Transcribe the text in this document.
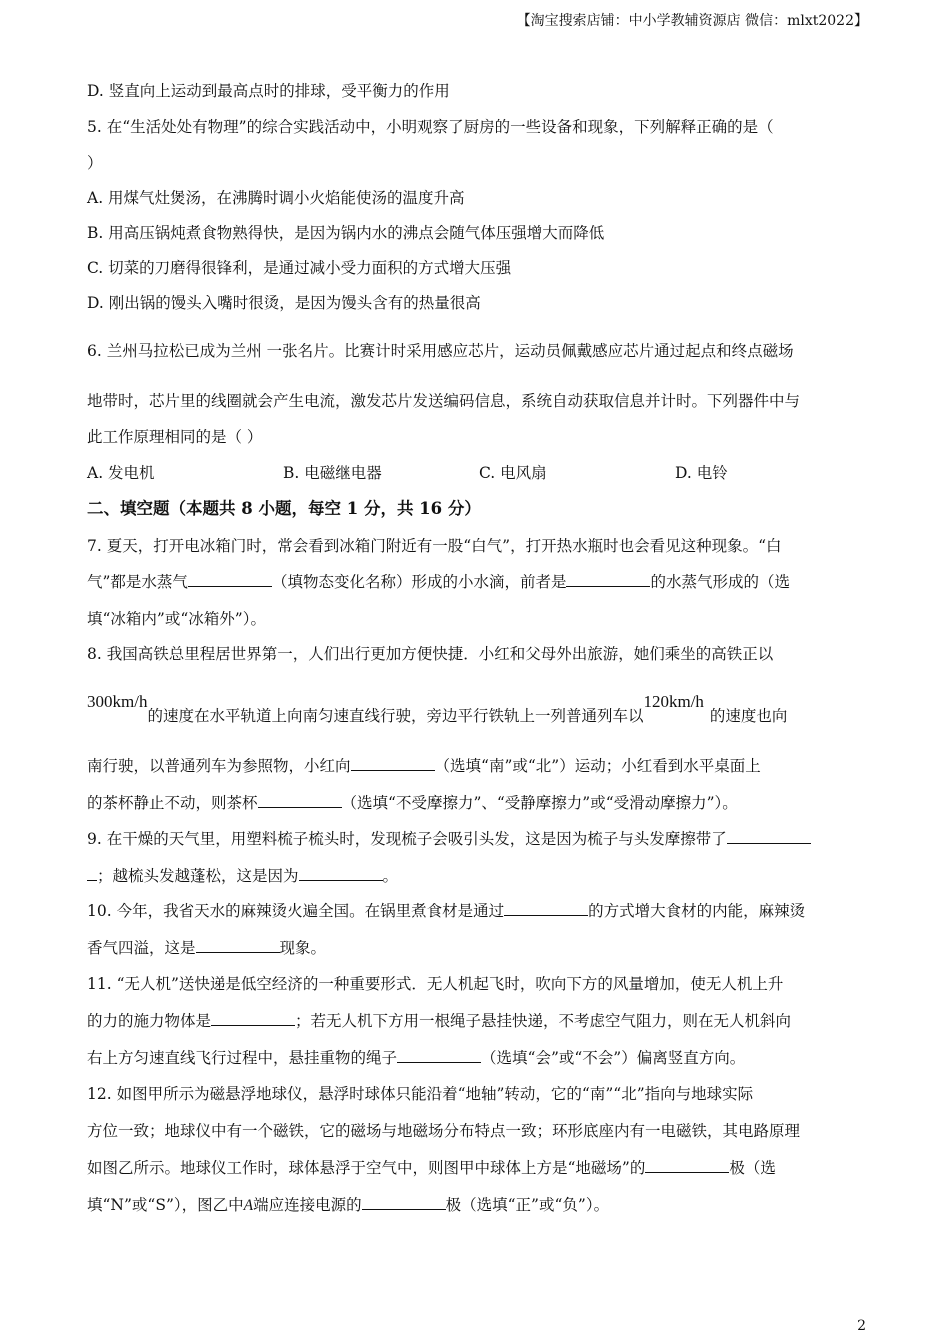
【淘宝搜索店铺：中小学教辅资源店 微信：mlxt2022】
D. 竖直向上运动到最高点时的排球，受平衡力的作用
5. 在“生活处处有物理”的综合实践活动中，小明观察了厨房的一些设备和现象，下列解释正确的是（
）
A. 用煤气灶煲汤，在沸腾时调小火焰能使汤的温度升高
B. 用高压锅炖煮食物熟得快，是因为锅内水的沸点会随气体压强增大而降低
C. 切菜的刀磨得很锋利，是通过减小受力面积的方式增大压强
D. 刚出锅的馒头入嘴时很烫，是因为馒头含有的热量很高
6. 兰州马拉松已成为兰州 一张名片。比赛计时采用感应芯片，运动员佩戴感应芯片通过起点和终点磁场
地带时，芯片里的线圈就会产生电流，激发芯片发送编码信息，系统自动获取信息并计时。下列器件中与
此工作原理相同的是（ ）
A. 发电机	B. 电磁继电器	C. 电风扇	D. 电铃
二、填空题（本题共 8 小题，每空 1 分，共 16 分）
7. 夏天，打开电冰箱门时，常会看到冰箱门附近有一股“白气”，打开热水瓶时也会看见这种现象。“白
气”都是水蒸气	（填物态变化名称）形成的小水滴，前者是	的水蒸气形成的（选
填“冰箱内”或“冰箱外”）。
8. 我国高铁总里程居世界第一，人们出行更加方便快捷．小红和父母外出旅游，她们乘坐的高铁正以
300km/h的速度在水平轨道上向南匀速直线行驶，旁边平行铁轨上一列普通列车以120km/h的速度也向
南行驶，以普通列车为参照物，小红向	（选填“南”或“北”）运动；小红看到水平桌面上
的茶杯静止不动，则茶杯	（选填“不受摩擦力”、“受静摩擦力”或“受滑动摩擦力”）。
9. 在干燥的天气里，用塑料梳子梳头时，发现梳子会吸引头发，这是因为梳子与头发摩擦带了
；越梳头发越蓬松，这是因为	。
10. 今年，我省天水的麻辣烫火遍全国。在锅里煮食材是通过	的方式增大食材的内能，麻辣烫
香气四溢，这是	现象。
11. “无人机”送快递是低空经济的一种重要形式．无人机起飞时，吹向下方的风量增加，使无人机上升
的力的施力物体是	；若无人机下方用一根绳子悬挂快递，不考虑空气阻力，则在无人机斜向
右上方匀速直线飞行过程中，悬挂重物的绳子	（选填“会”或“不会”）偏离竖直方向。
12. 如图甲所示为磁悬浮地球仪，悬浮时球体只能沿着“地轴”转动，它的“南”“北”指向与地球实际
方位一致；地球仪中有一个磁铁，它的磁场与地磁场分布特点一致；环形底座内有一电磁铁，其电路原理
如图乙所示。地球仪工作时，球体悬浮于空气中，则图甲中球体上方是“地磁场”的	极（选
填“N”或“S”），图乙中A端应连接电源的	极（选填“正”或“负”）。
2
